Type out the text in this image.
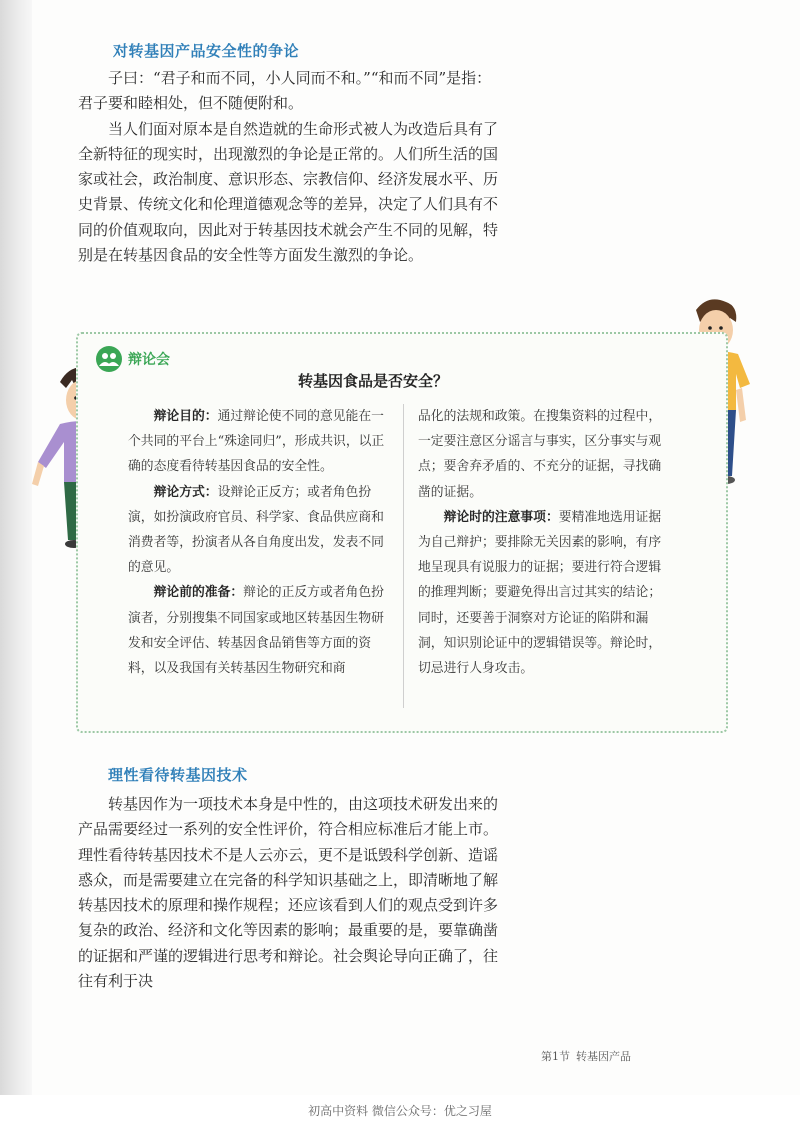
对转基因产品安全性的争论

子曰：“君子和而不同，小人同而不和。”“和而不同”是指：君子要和睦相处，但不随便附和。

当人们面对原本是自然造就的生命形式被人为改造后具有了全新特征的现实时，出现激烈的争论是正常的。人们所生活的国家或社会，政治制度、意识形态、宗教信仰、经济发展水平、历史背景、传统文化和伦理道德观念等的差异，决定了人们具有不同的价值观取向，因此对于转基因技术就会产生不同的见解，特别是在转基因食品的安全性等方面发生激烈的争论。

辩论会
转基因食品是否安全？

辩论目的：通过辩论使不同的意见能在一个共同的平台上“殊途同归”，形成共识，以正确的态度看待转基因食品的安全性。

辩论方式：设辩论正反方；或者角色扮演，如扮演政府官员、科学家、食品供应商和消费者等，扮演者从各自角度出发，发表不同的意见。

辩论前的准备：辩论的正反方或者角色扮演者，分别搜集不同国家或地区转基因生物研发和安全评估、转基因食品销售等方面的资料，以及我国有关转基因生物研究和商

品化的法规和政策。在搜集资料的过程中，一定要注意区分谣言与事实，区分事实与观点；要舍弃矛盾的、不充分的证据，寻找确凿的证据。

辩论时的注意事项：要精准地选用证据为自己辩护；要排除无关因素的影响，有序地呈现具有说服力的证据；要进行符合逻辑的推理判断；要避免得出言过其实的结论；同时，还要善于洞察对方论证的陷阱和漏洞，知识别论证中的逻辑错误等。辩论时，切忌进行人身攻击。

理性看待转基因技术

转基因作为一项技术本身是中性的，由这项技术研发出来的产品需要经过一系列的安全性评价，符合相应标准后才能上市。理性看待转基因技术不是人云亦云，更不是诋毁科学创新、造谣惑众，而是需要建立在完备的科学知识基础之上，即清晰地了解转基因技术的原理和操作规程；还应该看到人们的观点受到许多复杂的政治、经济和文化等因素的影响；最重要的是，要靠确凿的证据和严谨的逻辑进行思考和辩论。社会舆论导向正确了，往往有利于决

第1节 转基因产品
初高中资料 微信公众号：优之习屋
